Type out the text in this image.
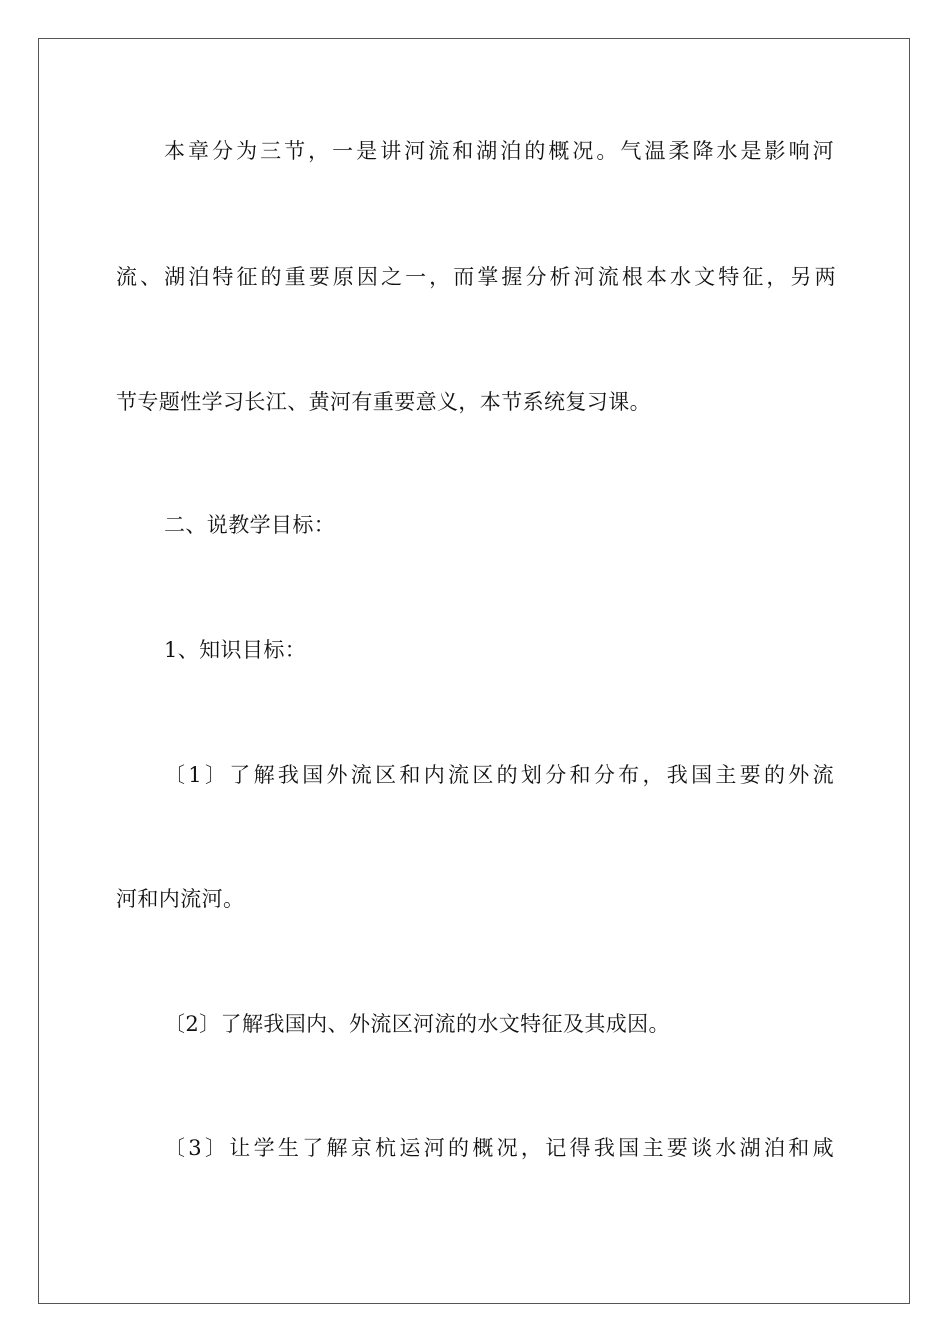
本章分为三节，一是讲河流和湖泊的概况。气温柔降水是影响河

流、湖泊特征的重要原因之一，而掌握分析河流根本水文特征，另两

节专题性学习长江、黄河有重要意义，本节系统复习课。

二、说教学目标：

1、知识目标：

〔1〕了解我国外流区和内流区的划分和分布，我国主要的外流

河和内流河。

〔2〕了解我国内、外流区河流的水文特征及其成因。

〔3〕让学生了解京杭运河的概况，记得我国主要谈水湖泊和咸
